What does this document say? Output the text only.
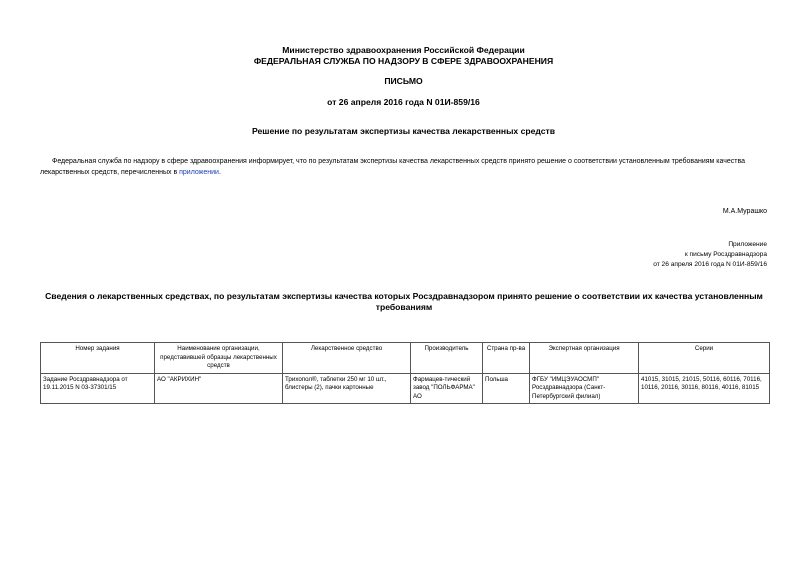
Министерство здравоохранения Российской Федерации
ФЕДЕРАЛЬНАЯ СЛУЖБА ПО НАДЗОРУ В СФЕРЕ ЗДРАВООХРАНЕНИЯ
ПИСЬМО
от 26 апреля 2016 года N 01И-859/16
Решение по результатам экспертизы качества лекарственных средств
Федеральная служба по надзору в сфере здравоохранения информирует, что по результатам экспертизы качества лекарственных средств принято решение о соответствии установленным требованиям качества лекарственных средств, перечисленных в приложении.
М.А.Мурашко
Приложение
к письму Росздравнадзора
от 26 апреля 2016 года N 01И-859/16
Сведения о лекарственных средствах, по результатам экспертизы качества которых Росздравнадзором принято решение о соответствии их качества установленным требованиям
Номер задания	Наименование организации, представившей образцы лекарственных средств	Лекарственное средство	Производитель	Страна пр-ва	Экспертная организация	Серии
Задание Росздравнадзора от 19.11.2015 N 03-37301/15	АО "АКРИХИН"	Трихопол®, таблетки 250 мг 10 шт., блистеры (2), пачки картонные	Фармацев-тический завод "ПОЛЬФАРМА" АО	Польша	ФГБУ "ИМЦЭУАОСМП" Росздравнадзора (Санкт-Петербургский филиал)	41015, 31015, 21015, 50116, 60116, 70116, 10116, 20116, 30116, 80116, 40116, 81015
